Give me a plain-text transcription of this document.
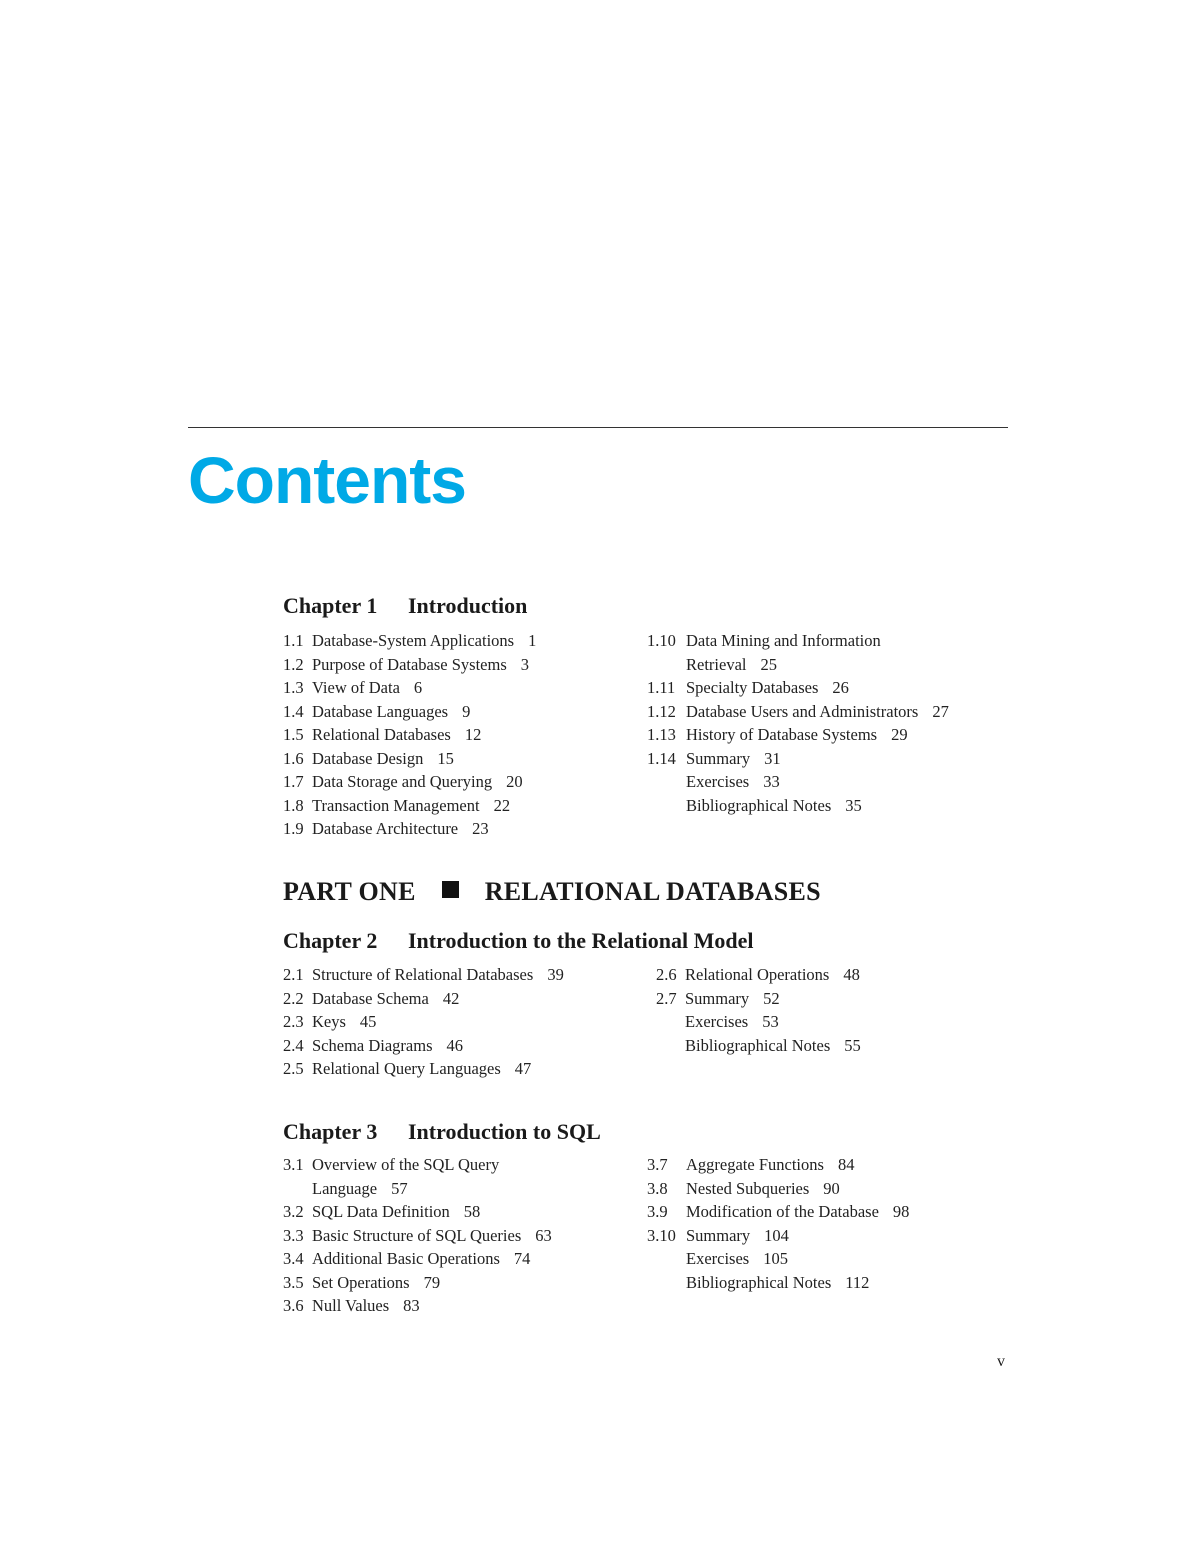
Contents
Chapter 1 Introduction
1.1 Database-System Applications 1
1.2 Purpose of Database Systems 3
1.3 View of Data 6
1.4 Database Languages 9
1.5 Relational Databases 12
1.6 Database Design 15
1.7 Data Storage and Querying 20
1.8 Transaction Management 22
1.9 Database Architecture 23
1.10 Data Mining and Information
Retrieval 25
1.11 Specialty Databases 26
1.12 Database Users and Administrators 27
1.13 History of Database Systems 29
1.14 Summary 31
Exercises 33
Bibliographical Notes 35
PART ONE	RELATIONAL DATABASES
Chapter 2 Introduction to the Relational Model
2.1 Structure of Relational Databases 39
2.2 Database Schema 42
2.3 Keys 45
2.4 Schema Diagrams 46
2.5 Relational Query Languages 47
2.6 Relational Operations 48
2.7 Summary 52
Exercises 53
Bibliographical Notes 55
Chapter 3 Introduction to SQL
3.1 Overview of the SQL Query
Language 57
3.2 SQL Data Definition 58
3.3 Basic Structure of SQL Queries 63
3.4 Additional Basic Operations 74
3.5 Set Operations 79
3.6 Null Values 83
3.7 Aggregate Functions 84
3.8 Nested Subqueries 90
3.9 Modification of the Database 98
3.10 Summary 104
Exercises 105
Bibliographical Notes 112
v
